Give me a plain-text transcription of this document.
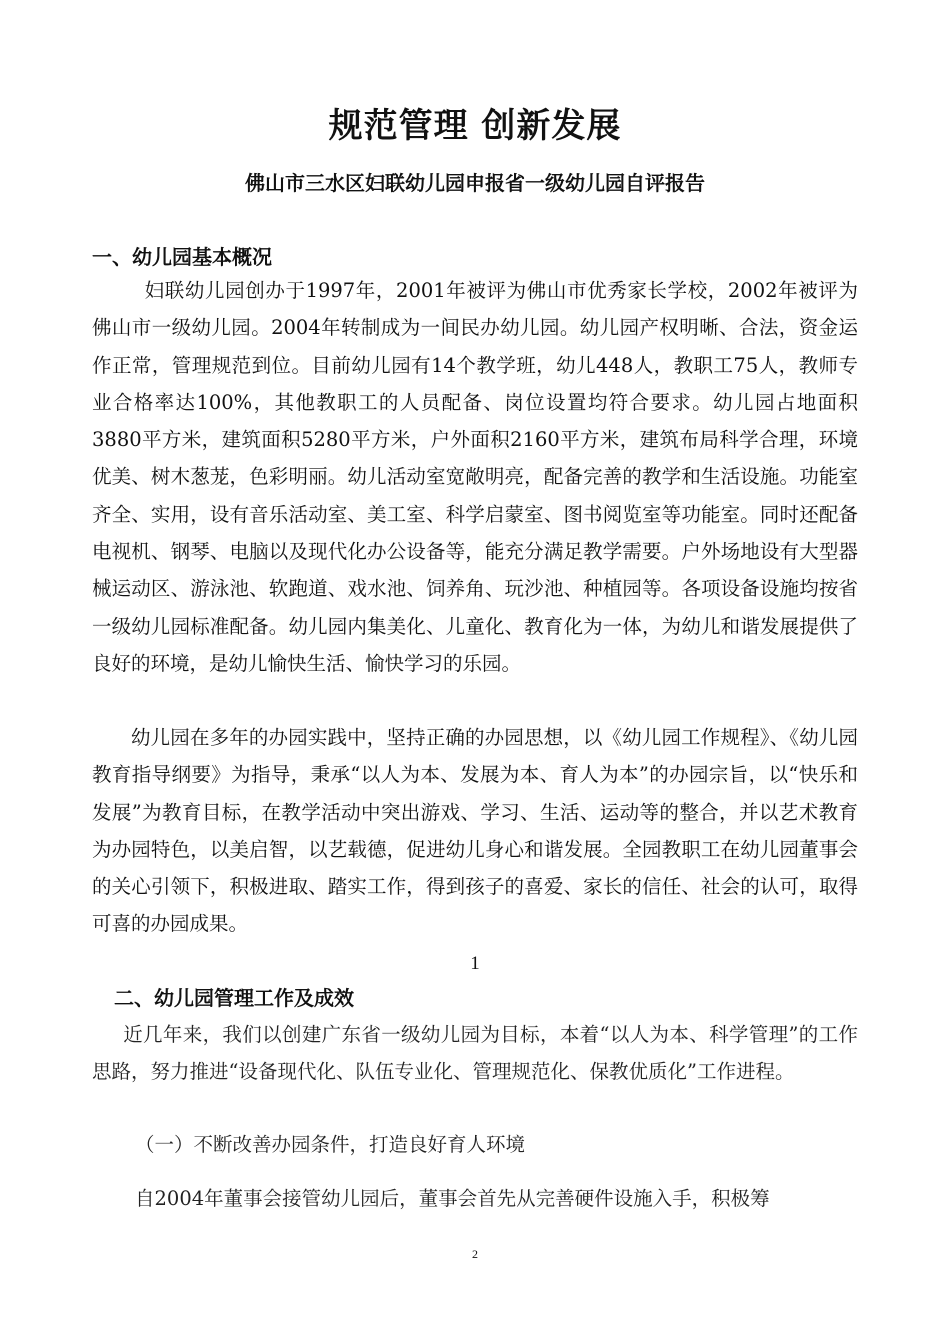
规范管理 创新发展
佛山市三水区妇联幼儿园申报省一级幼儿园自评报告
一、幼儿园基本概况
妇联幼儿园创办于1997年，2001年被评为佛山市优秀家长学校，2002年被评为佛山市一级幼儿园。2004年转制成为一间民办幼儿园。幼儿园产权明晰、合法，资金运作正常，管理规范到位。目前幼儿园有14个教学班，幼儿448人，教职工75人，教师专业合格率达100%，其他教职工的人员配备、岗位设置均符合要求。幼儿园占地面积3880平方米，建筑面积5280平方米，户外面积2160平方米，建筑布局科学合理，环境优美、树木葱茏，色彩明丽。幼儿活动室宽敞明亮，配备完善的教学和生活设施。功能室齐全、实用，设有音乐活动室、美工室、科学启蒙室、图书阅览室等功能室。同时还配备电视机、钢琴、电脑以及现代化办公设备等，能充分满足教学需要。户外场地设有大型器械运动区、游泳池、软跑道、戏水池、饲养角、玩沙池、种植园等。各项设备设施均按省一级幼儿园标准配备。幼儿园内集美化、儿童化、教育化为一体，为幼儿和谐发展提供了良好的环境，是幼儿愉快生活、愉快学习的乐园。
幼儿园在多年的办园实践中，坚持正确的办园思想，以《幼儿园工作规程》、《幼儿园教育指导纲要》为指导，秉承“以人为本、发展为本、育人为本”的办园宗旨，以“快乐和发展”为教育目标，在教学活动中突出游戏、学习、生活、运动等的整合，并以艺术教育为办园特色，以美启智，以艺载德，促进幼儿身心和谐发展。全园教职工在幼儿园董事会的关心引领下，积极进取、踏实工作，得到孩子的喜爱、家长的信任、社会的认可，取得可喜的办园成果。
1
二、幼儿园管理工作及成效
近几年来，我们以创建广东省一级幼儿园为目标，本着“以人为本、科学管理”的工作思路，努力推进“设备现代化、队伍专业化、管理规范化、保教优质化”工作进程。
（一）不断改善办园条件，打造良好育人环境
自2004年董事会接管幼儿园后，董事会首先从完善硬件设施入手，积极筹
2
